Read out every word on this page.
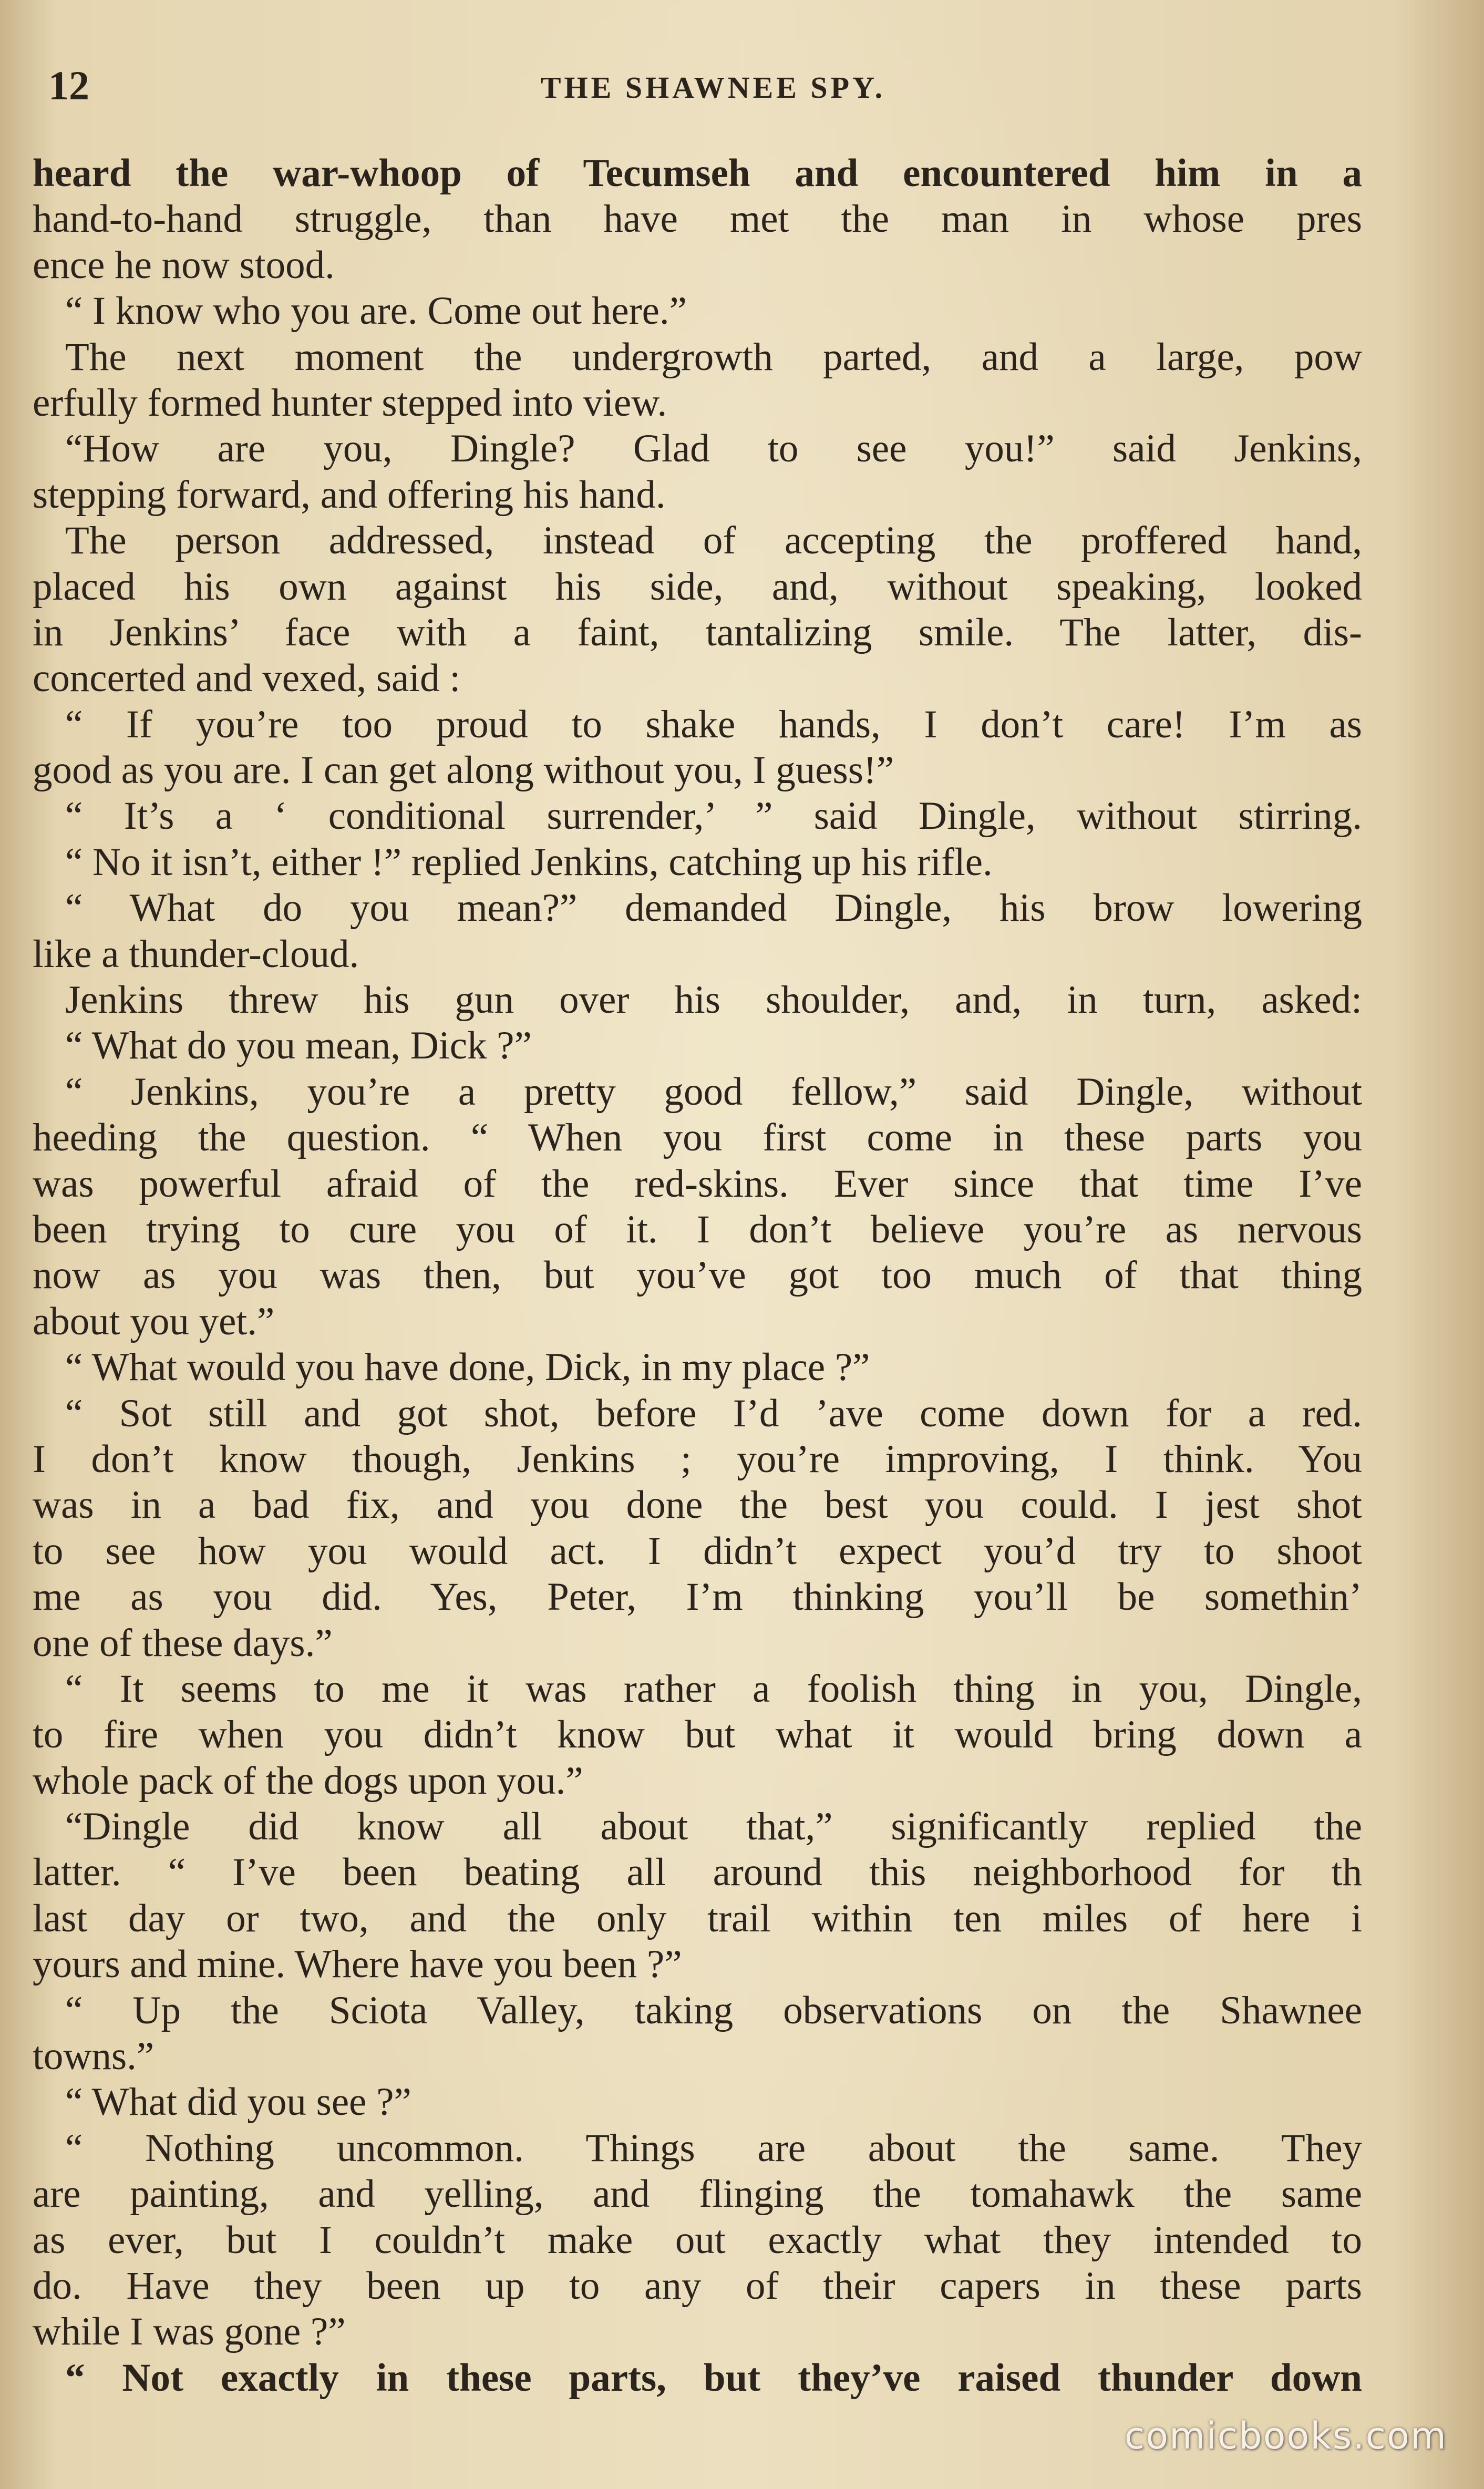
12	THE SHAWNEE SPY.
heard the war-whoop of Tecumseh and encountered him in a
hand-to-hand struggle, than have met the man in whose pres
ence he now stood.
“ I know who you are. Come out here.”
The next moment the undergrowth parted, and a large, pow
erfully formed hunter stepped into view.
“How are you, Dingle? Glad to see you!” said Jenkins,
stepping forward, and offering his hand.
The person addressed, instead of accepting the proffered hand,
placed his own against his side, and, without speaking, looked
in Jenkins’ face with a faint, tantalizing smile. The latter, dis-
concerted and vexed, said :
“ If you’re too proud to shake hands, I don’t care! I’m as
good as you are. I can get along without you, I guess!”
“ It’s a ‘ conditional surrender,’ ” said Dingle, without stirring.
“ No it isn’t, either !” replied Jenkins, catching up his rifle.
“ What do you mean?” demanded Dingle, his brow lowering
like a thunder-cloud.
Jenkins threw his gun over his shoulder, and, in turn, asked:
“ What do you mean, Dick ?”
“ Jenkins, you’re a pretty good fellow,” said Dingle, without
heeding the question. “ When you first come in these parts you
was powerful afraid of the red-skins. Ever since that time I’ve
been trying to cure you of it. I don’t believe you’re as nervous
now as you was then, but you’ve got too much of that thing
about you yet.”
“ What would you have done, Dick, in my place ?”
“ Sot still and got shot, before I’d ’ave come down for a red.
I don’t know though, Jenkins ; you’re improving, I think. You
was in a bad fix, and you done the best you could. I jest shot
to see how you would act. I didn’t expect you’d try to shoot
me as you did. Yes, Peter, I’m thinking you’ll be somethin’
one of these days.”
“ It seems to me it was rather a foolish thing in you, Dingle,
to fire when you didn’t know but what it would bring down a
whole pack of the dogs upon you.”
“Dingle did know all about that,” significantly replied the
latter. “ I’ve been beating all around this neighborhood for th
last day or two, and the only trail within ten miles of here i
yours and mine. Where have you been ?”
“ Up the Sciota Valley, taking observations on the Shawnee
towns.”
“ What did you see ?”
“ Nothing uncommon. Things are about the same. They
are painting, and yelling, and flinging the tomahawk the same
as ever, but I couldn’t make out exactly what they intended to
do. Have they been up to any of their capers in these parts
while I was gone ?”
“ Not exactly in these parts, but they’ve raised thunder down
comicbooks.com
